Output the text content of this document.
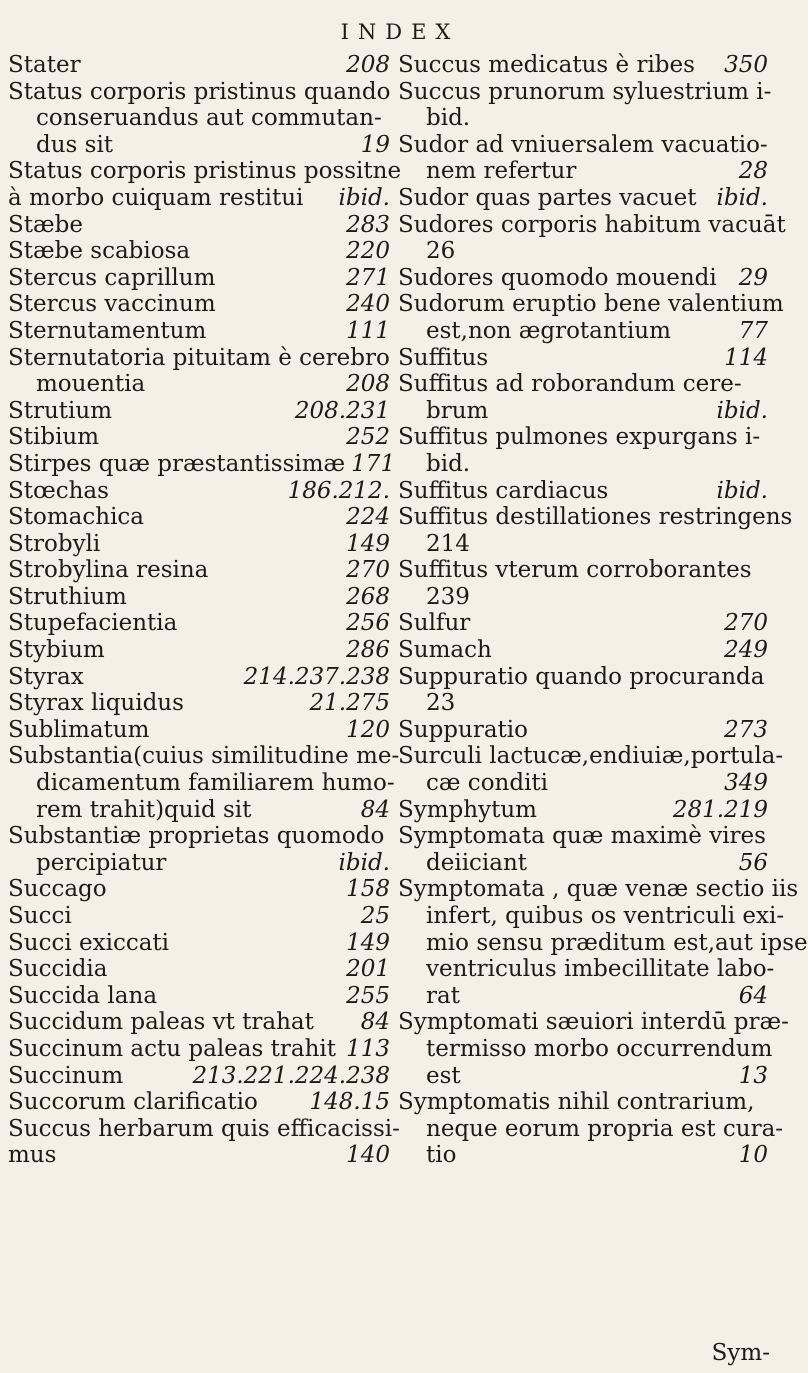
INDEX
Stater	208
Status corporis pristinus quando
conseruandus aut commutan-
dus sit	19
Status corporis pristinus possitne
à morbo cuiquam restitui	ibid.
Stæbe	283
Stæbe scabiosa	220
Stercus caprillum	271
Stercus vaccinum	240
Sternutamentum	111
Sternutatoria pituitam è cerebro
mouentia	208
Strutium	208.231
Stibium	252
Stirpes quæ præstantissimæ 171
Stœchas	186.212.
Stomachica	224
Strobyli	149
Strobylina resina	270
Struthium	268
Stupefacientia	256
Stybium	286
Styrax	214.237.238
Styrax liquidus	21.275
Sublimatum	120
Substantia(cuius similitudine me-
dicamentum familiarem humo-
rem trahit)quid sit	84
Substantiæ proprietas quomodo
percipiatur	ibid.
Succago	158
Succi	25
Succi exiccati	149
Succidia	201
Succida lana	255
Succidum paleas vt trahat	84
Succinum actu paleas trahit 113
Succinum	213.221.224.238
Succorum clarificatio	148.15
Succus herbarum quis efficacissi-
mus	140
Succus medicatus è ribes	350
Succus prunorum syluestrium i-
bid.
Sudor ad vniuersalem vacuatio-
nem refertur	28
Sudor quas partes vacuet ibid.
Sudores corporis habitum vacuāt
26
Sudores quomodo mouendi 29
Sudorum eruptio bene valentium
est,non ægrotantium	77
Suffitus	114
Suffitus ad roborandum cere-
brum	ibid.
Suffitus pulmones expurgans i-
bid.
Suffitus cardiacus	ibid.
Suffitus destillationes restringens
214
Suffitus vterum corroborantes
239
Sulfur	270
Sumach	249
Suppuratio quando procuranda
23
Suppuratio	273
Surculi lactucæ,endiuiæ,portula-
cæ conditi	349
Symphytum	281.219
Symptomata quæ maximè vires
deiiciant	56
Symptomata , quæ venæ sectio iis
infert, quibus os ventriculi exi-
mio sensu præditum est,aut ipse
ventriculus imbecillitate labo-
rat	64
Symptomati sæuiori interdū præ-
termisso morbo occurrendum
est	13
Symptomatis nihil contrarium,
neque eorum propria est cura-
tio	10
Sym-
